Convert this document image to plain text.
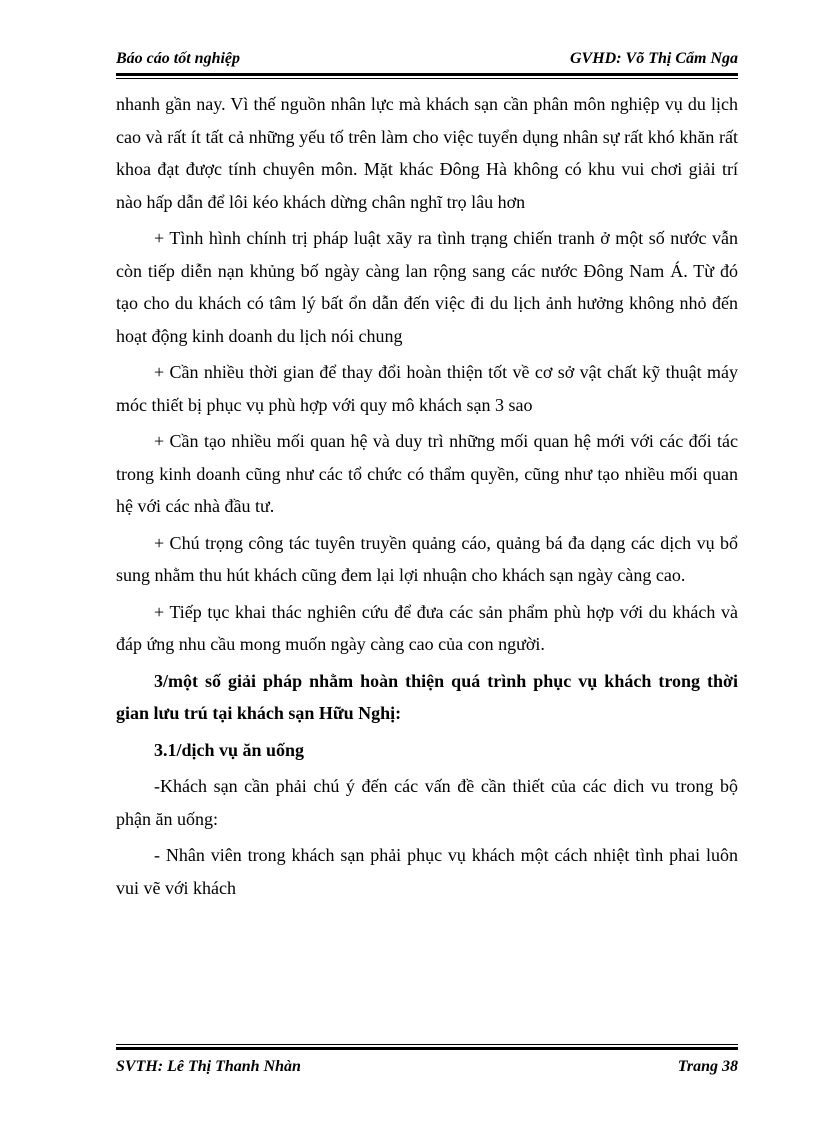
Báo cáo tốt nghiệp	GVHD: Võ Thị Cẩm Nga

nhanh gần nay. Vì thế nguồn nhân lực mà khách sạn cần phân môn nghiệp vụ du lịch cao và rất ít tất cả những yếu tố trên làm cho việc tuyển dụng nhân sự rất khó khăn rất khoa đạt được tính chuyên môn. Mặt khác Đông Hà không có khu vui chơi giải trí nào hấp dẫn để lôi kéo khách dừng chân nghĩ trọ lâu hơn

+ Tình hình chính trị pháp luật xãy ra tình trạng chiến tranh ở một số nước vẫn còn tiếp diễn nạn khủng bố ngày càng lan rộng sang các nước Đông Nam Á. Từ đó tạo cho du khách có tâm lý bất ổn dẫn đến việc đi du lịch ảnh hưởng không nhỏ đến hoạt động kinh doanh du lịch nói chung

+ Cần nhiều thời gian để thay đổi hoàn thiện tốt về cơ sở vật chất kỹ thuật máy móc thiết bị phục vụ phù hợp với quy mô khách sạn 3 sao

+ Cần tạo nhiều mối quan hệ và duy trì những mối quan hệ mới với các đối tác trong kinh doanh cũng như các tổ chức có thẩm quyền, cũng như tạo nhiều mối quan hệ với các nhà đầu tư.

+ Chú trọng công tác tuyên truyền quảng cáo, quảng bá đa dạng các dịch vụ bổ sung nhằm thu hút khách cũng đem lại lợi nhuận cho khách sạn ngày càng cao.

+ Tiếp tục khai thác nghiên cứu để đưa các sản phẩm phù hợp với du khách và đáp ứng nhu cầu mong muốn ngày càng cao của con người.

3/một số giải pháp nhằm hoàn thiện quá trình phục vụ khách trong thời gian lưu trú tại khách sạn Hữu Nghị:

3.1/dịch vụ ăn uống

-Khách sạn cần phải chú ý đến các vấn đề cần thiết của các dich vu trong bộ phận ăn uống:

- Nhân viên trong khách sạn phải phục vụ khách một cách nhiệt tình phai luôn vui vẽ với khách

SVTH: Lê Thị Thanh Nhàn	Trang 38
